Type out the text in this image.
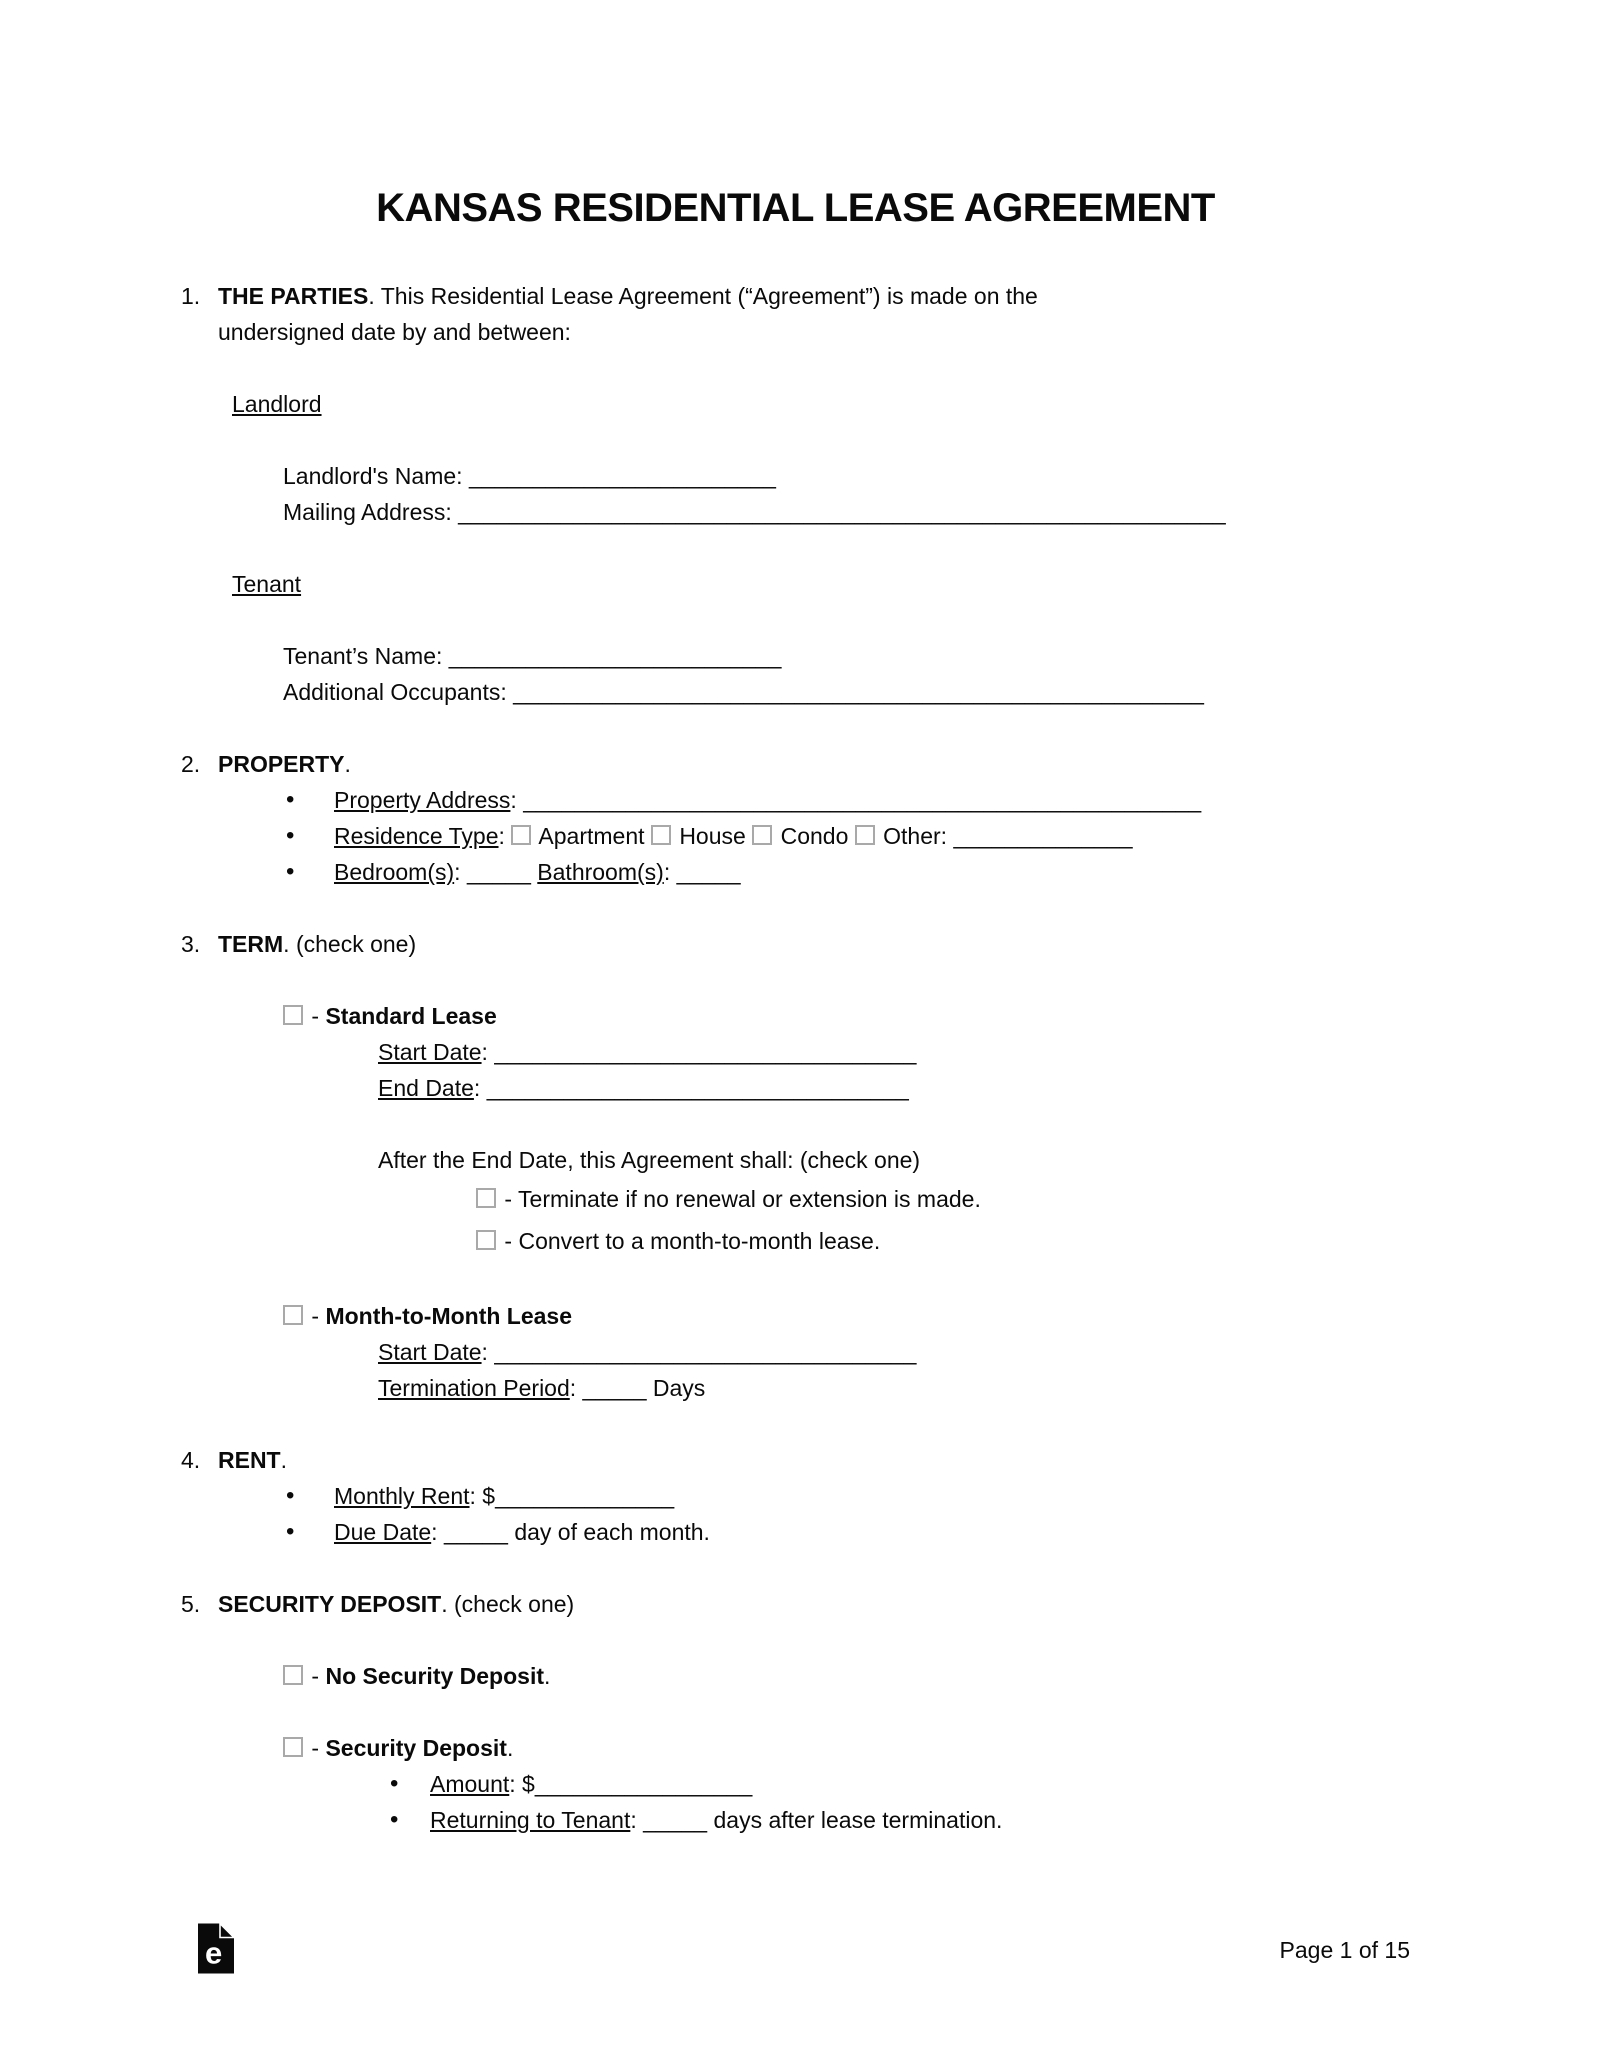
KANSAS RESIDENTIAL LEASE AGREEMENT
1. THE PARTIES. This Residential Lease Agreement (“Agreement”) is made on the undersigned date by and between:
Landlord
Landlord's Name: ________________________
Mailing Address: ____________________________________________________________
Tenant
Tenant’s Name: __________________________
Additional Occupants: ______________________________________________________
2. PROPERTY.
•	Property Address: _____________________________________________________
•	Residence Type: Apartment House Condo Other: ______________
•	Bedroom(s): _____ Bathroom(s): _____
3. TERM. (check one)
- Standard Lease
Start Date: _________________________________
End Date: _________________________________
After the End Date, this Agreement shall: (check one)
- Terminate if no renewal or extension is made.
- Convert to a month-to-month lease.
- Month-to-Month Lease
Start Date: _________________________________
Termination Period: _____ Days
4. RENT.
•	Monthly Rent: $______________
•	Due Date: _____ day of each month.
5. SECURITY DEPOSIT. (check one)
- No Security Deposit.
- Security Deposit.
•	Amount: $_________________
•	Returning to Tenant: _____ days after lease termination.
e	Page 1 of 15
